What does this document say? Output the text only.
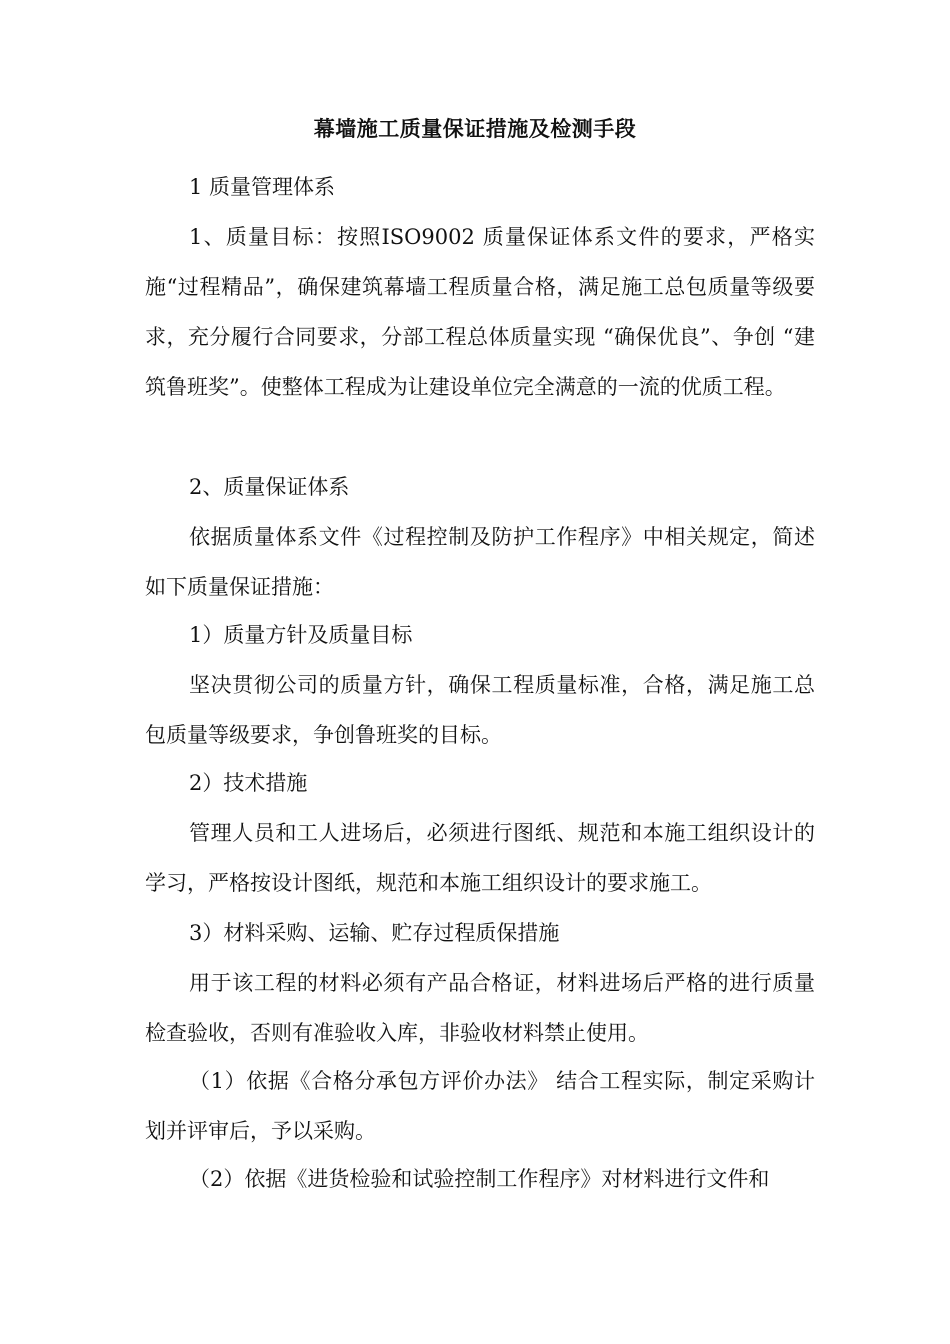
幕墙施工质量保证措施及检测手段

1 质量管理体系

1、质量目标：按照ISO9002 质量保证体系文件的要求，严格实施“过程精品”，确保建筑幕墙工程质量合格，满足施工总包质量等级要求，充分履行合同要求，分部工程总体质量实现 “确保优良”、争创 “建筑鲁班奖”。使整体工程成为让建设单位完全满意的一流的优质工程。

2、质量保证体系

依据质量体系文件《过程控制及防护工作程序》中相关规定，简述如下质量保证措施：

1）质量方针及质量目标

坚决贯彻公司的质量方针，确保工程质量标准，合格，满足施工总包质量等级要求，争创鲁班奖的目标。

2）技术措施

管理人员和工人进场后，必须进行图纸、规范和本施工组织设计的学习，严格按设计图纸，规范和本施工组织设计的要求施工。

3）材料采购、运输、贮存过程质保措施

用于该工程的材料必须有产品合格证，材料进场后严格的进行质量检查验收，否则有准验收入库，非验收材料禁止使用。

（1）依据《合格分承包方评价办法》 结合工程实际，制定采购计划并评审后，予以采购。

（2）依据《进货检验和试验控制工作程序》对材料进行文件和
